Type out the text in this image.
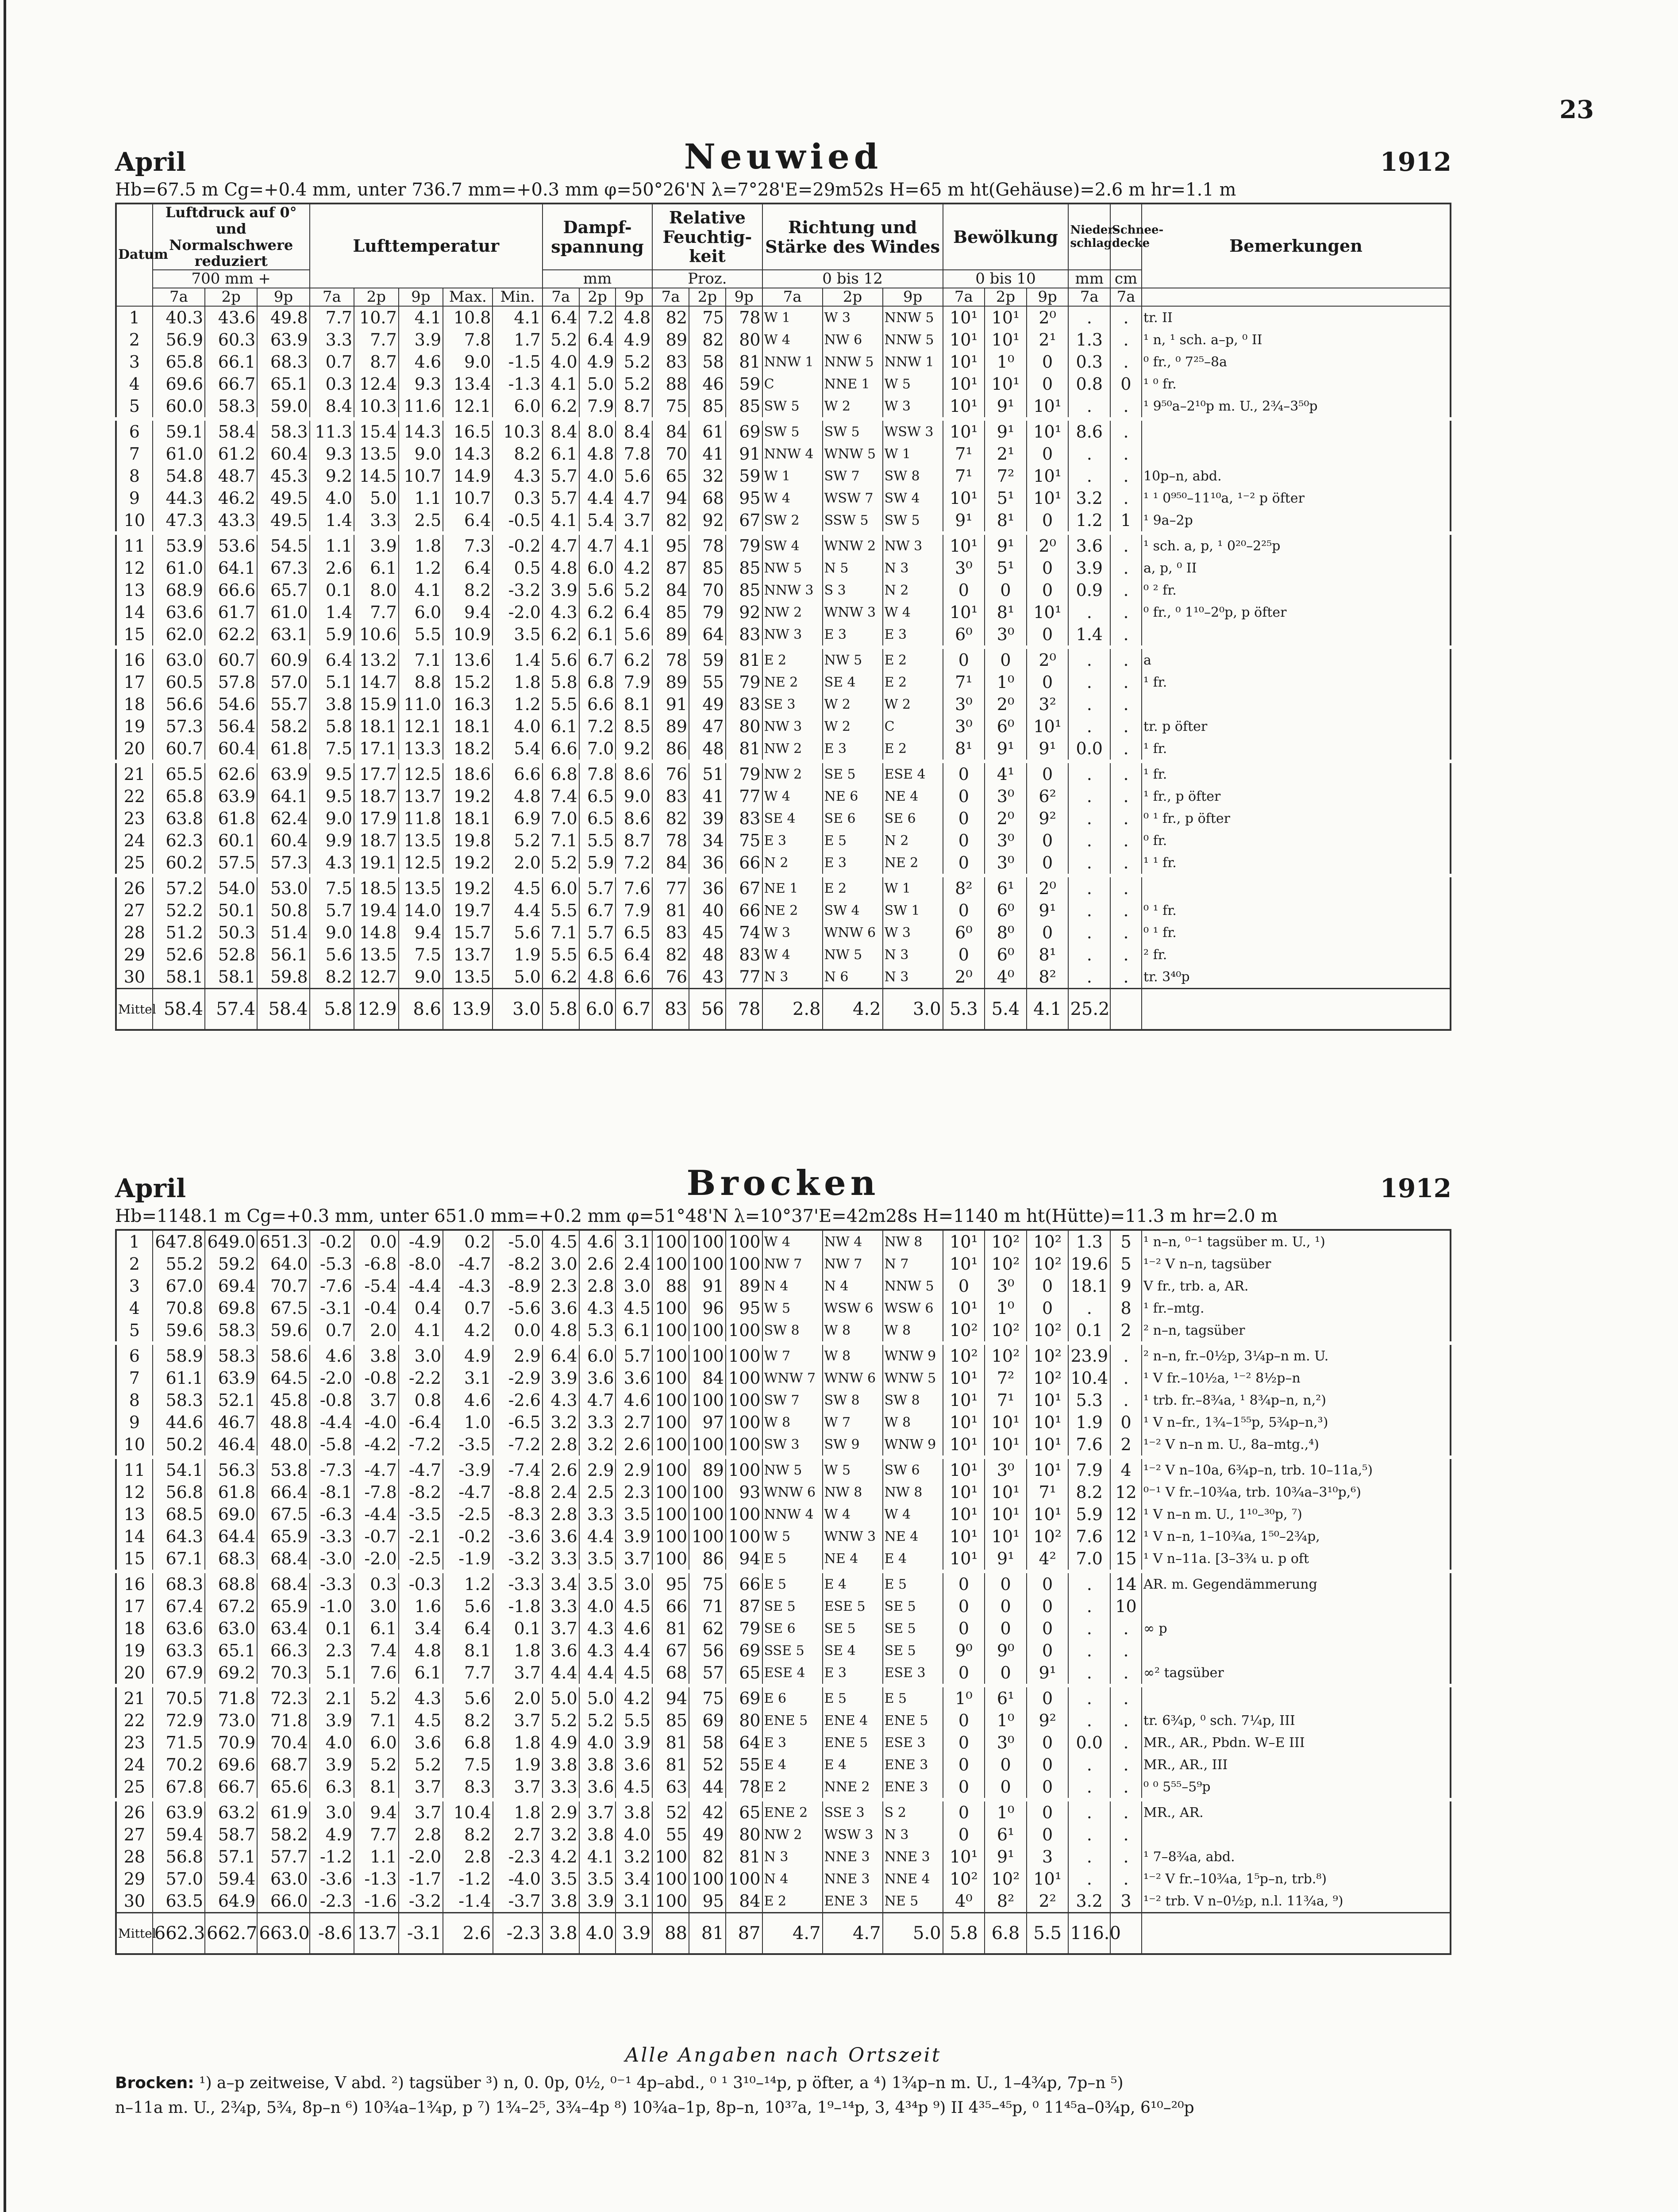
23
April	Neuwied	1912
Hb=67.5 m Cg=+0.4 mm, unter 736.7 mm=+0.3 mm φ=50°26'N λ=7°28'E=29m52s H=65 m ht(Gehäuse)=2.6 m hr=1.1 m
Datum	Luftdruck auf 0° und Normalschwere reduziert			Lufttemperatur					Dampf-spannung			Relative Feuchtig-keit			Richtung und Stärke des Windes			Bewölkung			Nieder-schlag	Schnee-decke	Bemerkungen
	700 mm +								mm			Proz.			0 bis 12			0 bis 10			mm	cm	
	7a	2p	9p	7a	2p	9p	Max.	Min.	7a	2p	9p	7a	2p	9p	7a	2p	9p	7a	2p	9p	7a	7a	
1	40.3	43.6	49.8	7.7	10.7	4.1	10.8	4.1	6.4	7.2	4.8	82	75	78	W 1	W 3	NNW 5	10¹	10¹	2⁰	.	.	tr. II
2	56.9	60.3	63.9	3.3	7.7	3.9	7.8	1.7	5.2	6.4	4.9	89	82	80	W 4	NW 6	NNW 5	10¹	10¹	2¹	1.3	.	¹ n, ¹ sch. a–p, ⁰ II
3	65.8	66.1	68.3	0.7	8.7	4.6	9.0	-1.5	4.0	4.9	5.2	83	58	81	NNW 1	NNW 5	NNW 1	10¹	1⁰	0	0.3	.	⁰ fr., ⁰ 7²⁵–8a
4	69.6	66.7	65.1	0.3	12.4	9.3	13.4	-1.3	4.1	5.0	5.2	88	46	59	C	NNE 1	W 5	10¹	10¹	0	0.8	0	¹ ⁰ fr.
5	60.0	58.3	59.0	8.4	10.3	11.6	12.1	6.0	6.2	7.9	8.7	75	85	85	SW 5	W 2	W 3	10¹	9¹	10¹	.	.	¹ 9⁵⁰a–2¹⁰p m. U., 2¾–3⁵⁰p
6	59.1	58.4	58.3	11.3	15.4	14.3	16.5	10.3	8.4	8.0	8.4	84	61	69	SW 5	SW 5	WSW 3	10¹	9¹	10¹	8.6	.	
7	61.0	61.2	60.4	9.3	13.5	9.0	14.3	8.2	6.1	4.8	7.8	70	41	91	NNW 4	WNW 5	W 1	7¹	2¹	0	.	.	
8	54.8	48.7	45.3	9.2	14.5	10.7	14.9	4.3	5.7	4.0	5.6	65	32	59	W 1	SW 7	SW 8	7¹	7²	10¹	.	.	10p–n, abd.
9	44.3	46.2	49.5	4.0	5.0	1.1	10.7	0.3	5.7	4.4	4.7	94	68	95	W 4	WSW 7	SW 4	10¹	5¹	10¹	3.2	.	¹ ¹ 0⁹⁵⁰–11¹⁰a, ¹⁻² p öfter
10	47.3	43.3	49.5	1.4	3.3	2.5	6.4	-0.5	4.1	5.4	3.7	82	92	67	SW 2	SSW 5	SW 5	9¹	8¹	0	1.2	1	¹ 9a–2p
11	53.9	53.6	54.5	1.1	3.9	1.8	7.3	-0.2	4.7	4.7	4.1	95	78	79	SW 4	WNW 2	NW 3	10¹	9¹	2⁰	3.6	.	¹ sch. a, p, ¹ 0²⁰–2²⁵p
12	61.0	64.1	67.3	2.6	6.1	1.2	6.4	0.5	4.8	6.0	4.2	87	85	85	NW 5	N 5	N 3	3⁰	5¹	0	3.9	.	a, p, ⁰ II
13	68.9	66.6	65.7	0.1	8.0	4.1	8.2	-3.2	3.9	5.6	5.2	84	70	85	NNW 3	S 3	N 2	0	0	0	0.9	.	⁰ ² fr.
14	63.6	61.7	61.0	1.4	7.7	6.0	9.4	-2.0	4.3	6.2	6.4	85	79	92	NW 2	WNW 3	W 4	10¹	8¹	10¹	.	.	⁰ fr., ⁰ 1¹⁰–2⁰p, p öfter
15	62.0	62.2	63.1	5.9	10.6	5.5	10.9	3.5	6.2	6.1	5.6	89	64	83	NW 3	E 3	E 3	6⁰	3⁰	0	1.4	.	
16	63.0	60.7	60.9	6.4	13.2	7.1	13.6	1.4	5.6	6.7	6.2	78	59	81	E 2	NW 5	E 2	0	0	2⁰	.	.	a
17	60.5	57.8	57.0	5.1	14.7	8.8	15.2	1.8	5.8	6.8	7.9	89	55	79	NE 2	SE 4	E 2	7¹	1⁰	0	.	.	¹ fr.
18	56.6	54.6	55.7	3.8	15.9	11.0	16.3	1.2	5.5	6.6	8.1	91	49	83	SE 3	W 2	W 2	3⁰	2⁰	3²	.	.	
19	57.3	56.4	58.2	5.8	18.1	12.1	18.1	4.0	6.1	7.2	8.5	89	47	80	NW 3	W 2	C	3⁰	6⁰	10¹	.	.	tr. p öfter
20	60.7	60.4	61.8	7.5	17.1	13.3	18.2	5.4	6.6	7.0	9.2	86	48	81	NW 2	E 3	E 2	8¹	9¹	9¹	0.0	.	¹ fr.
21	65.5	62.6	63.9	9.5	17.7	12.5	18.6	6.6	6.8	7.8	8.6	76	51	79	NW 2	SE 5	ESE 4	0	4¹	0	.	.	¹ fr.
22	65.8	63.9	64.1	9.5	18.7	13.7	19.2	4.8	7.4	6.5	9.0	83	41	77	W 4	NE 6	NE 4	0	3⁰	6²	.	.	¹ fr., p öfter
23	63.8	61.8	62.4	9.0	17.9	11.8	18.1	6.9	7.0	6.5	8.6	82	39	83	SE 4	SE 6	SE 6	0	2⁰	9²	.	.	⁰ ¹ fr., p öfter
24	62.3	60.1	60.4	9.9	18.7	13.5	19.8	5.2	7.1	5.5	8.7	78	34	75	E 3	E 5	N 2	0	3⁰	0	.	.	⁰ fr.
25	60.2	57.5	57.3	4.3	19.1	12.5	19.2	2.0	5.2	5.9	7.2	84	36	66	N 2	E 3	NE 2	0	3⁰	0	.	.	¹ ¹ fr.
26	57.2	54.0	53.0	7.5	18.5	13.5	19.2	4.5	6.0	5.7	7.6	77	36	67	NE 1	E 2	W 1	8²	6¹	2⁰	.	.	
27	52.2	50.1	50.8	5.7	19.4	14.0	19.7	4.4	5.5	6.7	7.9	81	40	66	NE 2	SW 4	SW 1	0	6⁰	9¹	.	.	⁰ ¹ fr.
28	51.2	50.3	51.4	9.0	14.8	9.4	15.7	5.6	7.1	5.7	6.5	83	45	74	W 3	WNW 6	W 3	6⁰	8⁰	0	.	.	⁰ ¹ fr.
29	52.6	52.8	56.1	5.6	13.5	7.5	13.7	1.9	5.5	6.5	6.4	82	48	83	W 4	NW 5	N 3	0	6⁰	8¹	.	.	² fr.
30	58.1	58.1	59.8	8.2	12.7	9.0	13.5	5.0	6.2	4.8	6.6	76	43	77	N 3	N 6	N 3	2⁰	4⁰	8²	.	.	tr. 3⁴⁰p
Mittel	58.4	57.4	58.4	5.8	12.9	8.6	13.9	3.0	5.8	6.0	6.7	83	56	78	2.8	4.2	3.0	5.3	5.4	4.1	25.2		
April	Brocken	1912
Hb=1148.1 m Cg=+0.3 mm, unter 651.0 mm=+0.2 mm φ=51°48'N λ=10°37'E=42m28s H=1140 m ht(Hütte)=11.3 m hr=2.0 m
1	647.8	649.0	651.3	-0.2	0.0	-4.9	0.2	-5.0	4.5	4.6	3.1	100	100	100	W 4	NW 4	NW 8	10¹	10²	10²	1.3	5	¹ n–n, ⁰⁻¹ tagsüber m. U., ¹)
2	55.2	59.2	64.0	-5.3	-6.8	-8.0	-4.7	-8.2	3.0	2.6	2.4	100	100	100	NW 7	NW 7	N 7	10¹	10²	10²	19.6	5	¹⁻² V n–n, tagsüber
3	67.0	69.4	70.7	-7.6	-5.4	-4.4	-4.3	-8.9	2.3	2.8	3.0	88	91	89	N 4	N 4	NNW 5	0	3⁰	0	18.1	9	V fr., trb. a, AR.
4	70.8	69.8	67.5	-3.1	-0.4	0.4	0.7	-5.6	3.6	4.3	4.5	100	96	95	W 5	WSW 6	WSW 6	10¹	1⁰	0	.	8	¹ fr.–mtg.
5	59.6	58.3	59.6	0.7	2.0	4.1	4.2	0.0	4.8	5.3	6.1	100	100	100	SW 8	W 8	W 8	10²	10²	10²	0.1	2	² n–n, tagsüber
6	58.9	58.3	58.6	4.6	3.8	3.0	4.9	2.9	6.4	6.0	5.7	100	100	100	W 7	W 8	WNW 9	10²	10²	10²	23.9	.	² n–n, fr.–0½p, 3¼p–n m. U.
7	61.1	63.9	64.5	-2.0	-0.8	-2.2	3.1	-2.9	3.9	3.6	3.6	100	84	100	WNW 7	WNW 6	WNW 5	10¹	7²	10²	10.4	.	¹ V fr.–10½a, ¹⁻² 8½p–n
8	58.3	52.1	45.8	-0.8	3.7	0.8	4.6	-2.6	4.3	4.7	4.6	100	100	100	SW 7	SW 8	SW 8	10¹	7¹	10¹	5.3	.	¹ trb. fr.–8¾a, ¹ 8¾p–n, n,²)
9	44.6	46.7	48.8	-4.4	-4.0	-6.4	1.0	-6.5	3.2	3.3	2.7	100	97	100	W 8	W 7	W 8	10¹	10¹	10¹	1.9	0	¹ V n–fr., 1¾–1⁵⁵p, 5¾p–n,³)
10	50.2	46.4	48.0	-5.8	-4.2	-7.2	-3.5	-7.2	2.8	3.2	2.6	100	100	100	SW 3	SW 9	WNW 9	10¹	10¹	10¹	7.6	2	¹⁻² V n–n m. U., 8a–mtg.,⁴)
11	54.1	56.3	53.8	-7.3	-4.7	-4.7	-3.9	-7.4	2.6	2.9	2.9	100	89	100	NW 5	W 5	SW 6	10¹	3⁰	10¹	7.9	4	¹⁻² V n–10a, 6¾p–n, trb. 10–11a,⁵)
12	56.8	61.8	66.4	-8.1	-7.8	-8.2	-4.7	-8.8	2.4	2.5	2.3	100	100	93	WNW 6	NW 8	NW 8	10¹	10¹	7¹	8.2	12	⁰⁻¹ V fr.–10¾a, trb. 10¾a–3¹⁰p,⁶)
13	68.5	69.0	67.5	-6.3	-4.4	-3.5	-2.5	-8.3	2.8	3.3	3.5	100	100	100	NNW 4	W 4	W 4	10¹	10¹	10¹	5.9	12	¹ V n–n m. U., 1¹⁰–³⁰p, ⁷)
14	64.3	64.4	65.9	-3.3	-0.7	-2.1	-0.2	-3.6	3.6	4.4	3.9	100	100	100	W 5	WNW 3	NE 4	10¹	10¹	10²	7.6	12	¹ V n–n, 1–10¾a, 1⁵⁰–2¾p,
15	67.1	68.3	68.4	-3.0	-2.0	-2.5	-1.9	-3.2	3.3	3.5	3.7	100	86	94	E 5	NE 4	E 4	10¹	9¹	4²	7.0	15	¹ V n–11a. [3–3¾ u. p oft
16	68.3	68.8	68.4	-3.3	0.3	-0.3	1.2	-3.3	3.4	3.5	3.0	95	75	66	E 5	E 4	E 5	0	0	0	.	14	AR. m. Gegendämmerung
17	67.4	67.2	65.9	-1.0	3.0	1.6	5.6	-1.8	3.3	4.0	4.5	66	71	87	SE 5	ESE 5	SE 5	0	0	0	.	10	
18	63.6	63.0	63.4	0.1	6.1	3.4	6.4	0.1	3.7	4.3	4.6	81	62	79	SE 6	SE 5	SE 5	0	0	0	.	.	∞ p
19	63.3	65.1	66.3	2.3	7.4	4.8	8.1	1.8	3.6	4.3	4.4	67	56	69	SSE 5	SE 4	SE 5	9⁰	9⁰	0	.	.	
20	67.9	69.2	70.3	5.1	7.6	6.1	7.7	3.7	4.4	4.4	4.5	68	57	65	ESE 4	E 3	ESE 3	0	0	9¹	.	.	∞² tagsüber
21	70.5	71.8	72.3	2.1	5.2	4.3	5.6	2.0	5.0	5.0	4.2	94	75	69	E 6	E 5	E 5	1⁰	6¹	0	.	.	
22	72.9	73.0	71.8	3.9	7.1	4.5	8.2	3.7	5.2	5.2	5.5	85	69	80	ENE 5	ENE 4	ENE 5	0	1⁰	9²	.	.	tr. 6¾p, ⁰ sch. 7¼p, III
23	71.5	70.9	70.4	4.0	6.0	3.6	6.8	1.8	4.9	4.0	3.9	81	58	64	E 3	ENE 5	ESE 3	0	3⁰	0	0.0	.	MR., AR., Pbdn. W–E III
24	70.2	69.6	68.7	3.9	5.2	5.2	7.5	1.9	3.8	3.8	3.6	81	52	55	E 4	E 4	ENE 3	0	0	0	.	.	MR., AR., III
25	67.8	66.7	65.6	6.3	8.1	3.7	8.3	3.7	3.3	3.6	4.5	63	44	78	E 2	NNE 2	ENE 3	0	0	0	.	.	⁰ ⁰ 5⁵⁵–5⁹p
26	63.9	63.2	61.9	3.0	9.4	3.7	10.4	1.8	2.9	3.7	3.8	52	42	65	ENE 2	SSE 3	S 2	0	1⁰	0	.	.	MR., AR.
27	59.4	58.7	58.2	4.9	7.7	2.8	8.2	2.7	3.2	3.8	4.0	55	49	80	NW 2	WSW 3	N 3	0	6¹	0	.	.	
28	56.8	57.1	57.7	-1.2	1.1	-2.0	2.8	-2.3	4.2	4.1	3.2	100	82	81	N 3	NNE 3	NNE 3	10¹	9¹	3	.	.	¹ 7–8¾a, abd.
29	57.0	59.4	63.0	-3.6	-1.3	-1.7	-1.2	-4.0	3.5	3.5	3.4	100	100	100	N 4	NNE 3	NNE 4	10²	10²	10¹	.	.	¹⁻² V fr.–10¾a, 1⁵p–n, trb.⁸)
30	63.5	64.9	66.0	-2.3	-1.6	-3.2	-1.4	-3.7	3.8	3.9	3.1	100	95	84	E 2	ENE 3	NE 5	4⁰	8²	2²	3.2	3	¹⁻² trb. V n–0½p, n.l. 11¾a, ⁹)
Mittel	662.3	662.7	663.0	-8.6	13.7	-3.1	2.6	-2.3	3.8	4.0	3.9	88	81	87	4.7	4.7	5.0	5.8	6.8	5.5	116.0		
Alle Angaben nach Ortszeit
Brocken: ¹) a–p zeitweise, V abd. ²) tagsüber ³) n, 0. 0p, 0½, ⁰⁻¹ 4p–abd., ⁰ ¹ 3¹⁰–¹⁴p, p öfter, a ⁴) 1¾p–n m. U., 1–4¾p, 7p–n ⁵)
n–11a m. U., 2¾p, 5¾, 8p–n ⁶) 10¾a–1¾p, p ⁷) 1¾–2⁵, 3¾–4p ⁸) 10¾a–1p, 8p–n, 10³⁷a, 1⁹–¹⁴p, 3, 4³⁴p ⁹) II 4³⁵–⁴⁵p, ⁰ 11⁴⁵a–0¾p, 6¹⁰–²⁰p
